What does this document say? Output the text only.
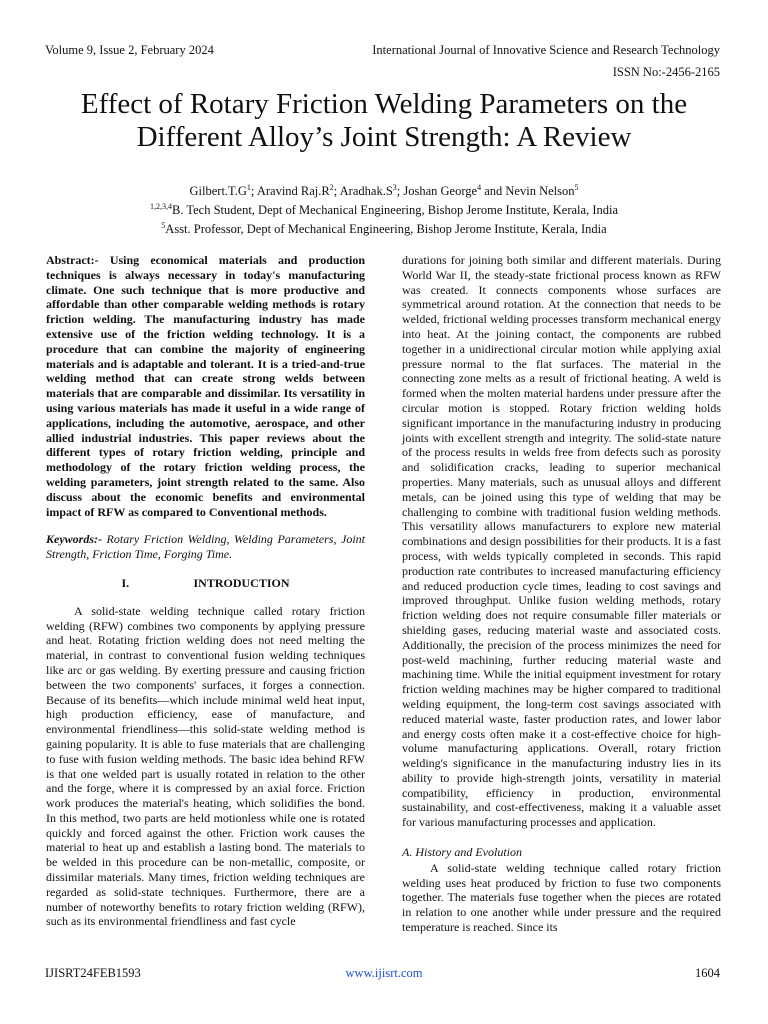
Volume 9, Issue 2, February 2024	International Journal of Innovative Science and Research Technology
ISSN No:-2456-2165
Effect of Rotary Friction Welding Parameters on the Different Alloy’s Joint Strength: A Review
$Gilbert.T.G^1$; Aravind $Raj.R^2$; $Aradhak.S^3$; Joshan George$^4$ and Nevin Nelson$^5$
$^{1,2,3,4}$B. Tech Student, Dept of Mechanical Engineering, Bishop Jerome Institute, Kerala, India
$^5$Asst. Professor, Dept of Mechanical Engineering, Bishop Jerome Institute, Kerala, India

Abstract:- Using economical materials and production techniques is always necessary in today's manufacturing climate. One such technique that is more productive and affordable than other comparable welding methods is rotary friction welding. The manufacturing industry has made extensive use of the friction welding technology. It is a procedure that can combine the majority of engineering materials and is adaptable and tolerant. It is a tried-and-true welding method that can create strong welds between materials that are comparable and dissimilar. Its versatility in using various materials has made it useful in a wide range of applications, including the automotive, aerospace, and other allied industrial industries. This paper reviews about the different types of rotary friction welding, principle and methodology of the rotary friction welding process, the welding parameters, joint strength related to the same. Also discuss about the economic benefits and environmental impact of RFW as compared to Conventional methods.

Keywords:- Rotary Friction Welding, Welding Parameters, Joint Strength, Friction Time, Forging Time.

I.	INTRODUCTION

A solid-state welding technique called rotary friction welding (RFW) combines two components by applying pressure and heat. Rotating friction welding does not need melting the material, in contrast to conventional fusion welding techniques like arc or gas welding. By exerting pressure and causing friction between the two components' surfaces, it forges a connection. Because of its benefits—which include minimal weld heat input, high production efficiency, ease of manufacture, and environmental friendliness—this solid-state welding method is gaining popularity. It is able to fuse materials that are challenging to fuse with fusion welding methods. The basic idea behind RFW is that one welded part is usually rotated in relation to the other and the forge, where it is compressed by an axial force. Friction work produces the material's heating, which solidifies the bond. In this method, two parts are held motionless while one is rotated quickly and forced against the other. Friction work causes the material to heat up and establish a lasting bond. The materials to be welded in this procedure can be non-metallic, composite, or dissimilar materials. Many times, friction welding techniques are regarded as solid-state techniques. Furthermore, there are a number of noteworthy benefits to rotary friction welding (RFW), such as its environmental friendliness and fast cycle

durations for joining both similar and different materials. During World War II, the steady-state frictional process known as RFW was created. It connects components whose surfaces are symmetrical around rotation. At the connection that needs to be welded, frictional welding processes transform mechanical energy into heat. At the joining contact, the components are rubbed together in a unidirectional circular motion while applying axial pressure normal to the flat surfaces. The material in the connecting zone melts as a result of frictional heating. A weld is formed when the molten material hardens under pressure after the circular motion is stopped. Rotary friction welding holds significant importance in the manufacturing industry in producing joints with excellent strength and integrity. The solid-state nature of the process results in welds free from defects such as porosity and solidification cracks, leading to superior mechanical properties. Many materials, such as unusual alloys and different metals, can be joined using this type of welding that may be challenging to combine with traditional fusion welding methods. This versatility allows manufacturers to explore new material combinations and design possibilities for their products. It is a fast process, with welds typically completed in seconds. This rapid production rate contributes to increased manufacturing efficiency and reduced production cycle times, leading to cost savings and improved throughput. Unlike fusion welding methods, rotary friction welding does not require consumable filler materials or shielding gases, reducing material waste and associated costs. Additionally, the precision of the process minimizes the need for post-weld machining, further reducing material waste and machining time. While the initial equipment investment for rotary friction welding machines may be higher compared to traditional welding equipment, the long-term cost savings associated with reduced material waste, faster production rates, and lower labor and energy costs often make it a cost-effective choice for high-volume manufacturing applications. Overall, rotary friction welding's significance in the manufacturing industry lies in its ability to provide high-strength joints, versatility in material compatibility, efficiency in production, environmental sustainability, and cost-effectiveness, making it a valuable asset for various manufacturing processes and application.

A. History and Evolution

A solid-state welding technique called rotary friction welding uses heat produced by friction to fuse two components together. The materials fuse together when the pieces are rotated in relation to one another while under pressure and the required temperature is reached. Since its

IJISRT24FEB1593	www.ijisrt.com	1604
